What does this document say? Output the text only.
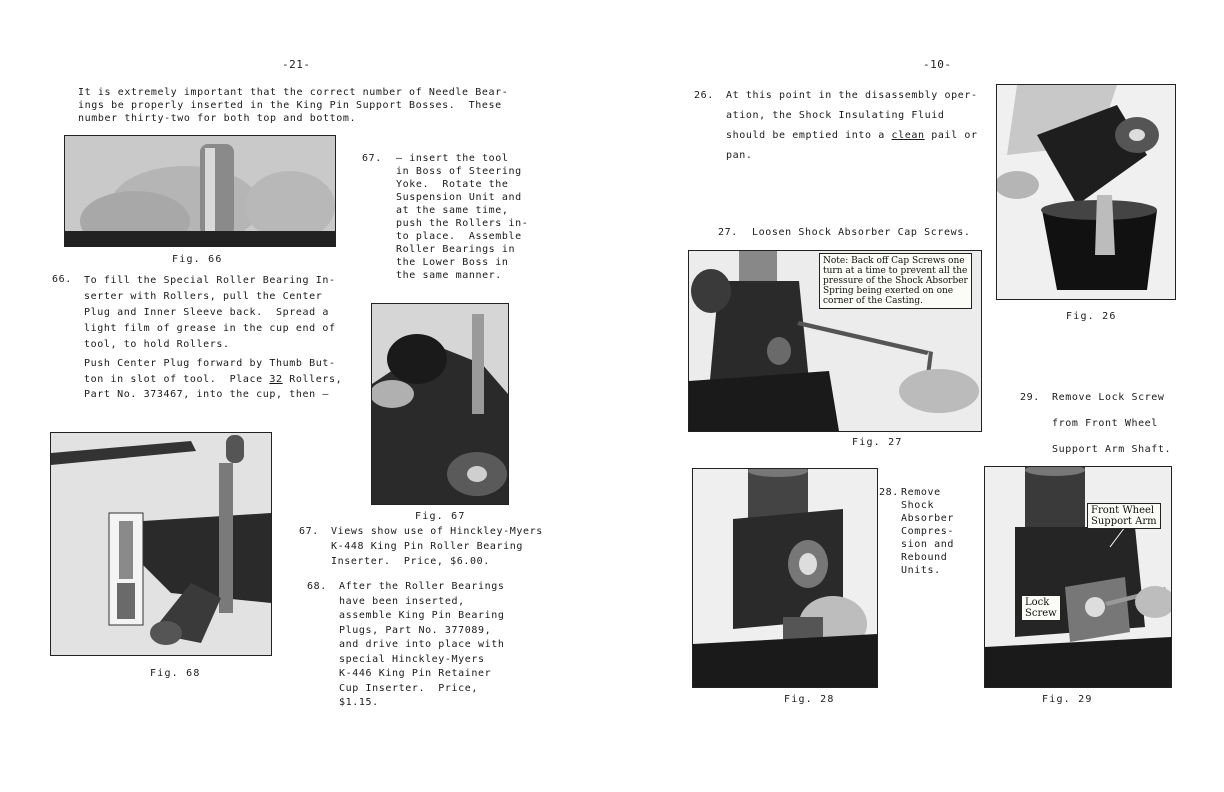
-21-
It is extremely important that the correct number of Needle Bear-
ings be properly inserted in the King Pin Support Bosses.  These
number thirty-two for both top and bottom.
Fig. 66
67. — insert the tool
in Boss of Steering
Yoke.  Rotate the
Suspension Unit and
at the same time,
push the Rollers in-
to place.  Assemble
Roller Bearings in
the Lower Boss in
the same manner.
66. To fill the Special Roller Bearing In-
serter with Rollers, pull the Center
Plug and Inner Sleeve back.  Spread a
light film of grease in the cup end of
tool, to hold Rollers.
Push Center Plug forward by Thumb But-
ton in slot of tool.  Place 32 Rollers,
Part No. 373467, into the cup, then —
Fig. 67
67. Views show use of Hinckley-Myers
K-448 King Pin Roller Bearing
Inserter.  Price, $6.00.
68. After the Roller Bearings
have been inserted,
assemble King Pin Bearing
Plugs, Part No. 377089,
and drive into place with
special Hinckley-Myers
K-446 King Pin Retainer
Cup Inserter.  Price,
$1.15.
Fig. 68
-10-
26. At this point in the disassembly oper-
ation, the Shock Insulating Fluid
should be emptied into a clean pail or
pan.
Fig. 26
27. Loosen Shock Absorber Cap Screws.
Note: Back off Cap Screws one
turn at a time to prevent all the
pressure of the Shock Absorber
Spring being exerted on one
corner of the Casting.
Fig. 27
29. Remove Lock Screw
from Front Wheel
Support Arm Shaft.
Fig. 28
28. Remove
Shock
Absorber
Compres-
sion and
Rebound
Units.
Front Wheel
Support Arm
Lock
Screw
Fig. 29
